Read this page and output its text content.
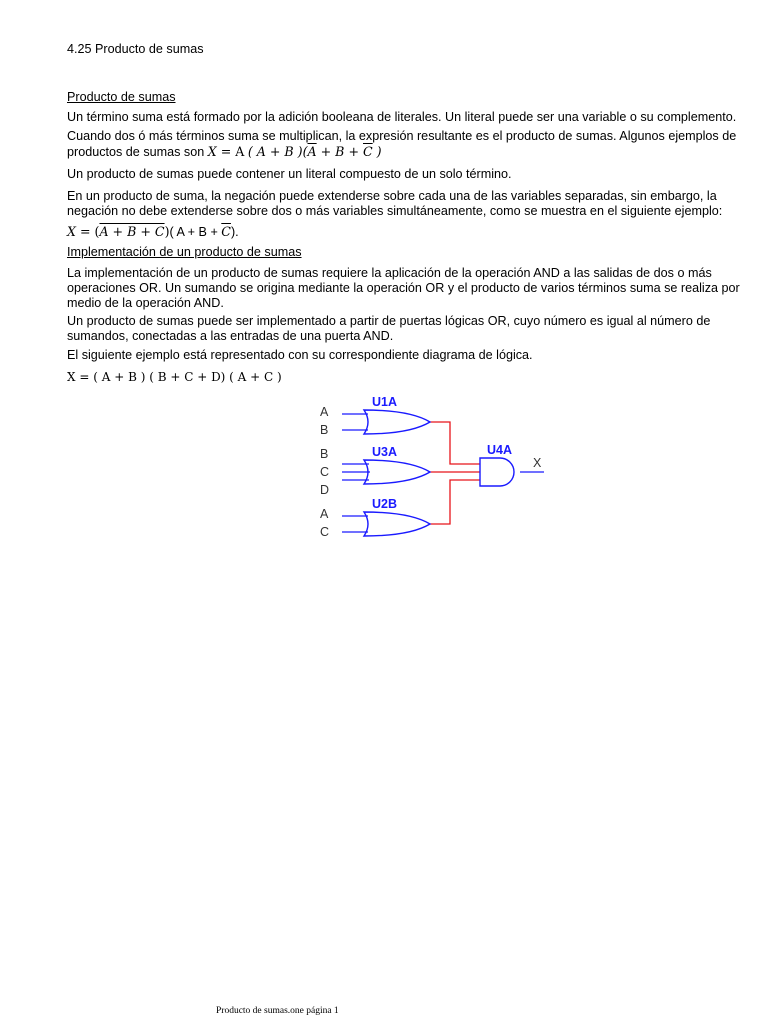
4.25 Producto de sumas
Producto de sumas
Un término suma está formado por la adición booleana de literales. Un literal puede ser una variable o su complemento.
Cuando dos ó más términos suma se multiplican, la expresión resultante es el producto de sumas. Algunos ejemplos de productos de sumas son X = A ( A + B )($\overline{A} + B + \overline{C}$ )
Un producto de sumas puede contener un literal compuesto de un solo término.
En un producto de suma, la negación puede extenderse sobre cada una de las variables separadas, sin embargo, la negación no debe extenderse sobre dos o más variables simultáneamente, como se muestra en el siguiente ejemplo:
X = (A + B + C)( $A + B + \overline{C}$).
Implementación de un producto de sumas
La implementación de un producto de sumas requiere la aplicación de la operación AND a las salidas de dos o más operaciones OR. Un sumando se origina mediante la operación OR y el producto de varios términos suma se realiza por medio de la operación AND.
Un producto de sumas puede ser implementado a partir de puertas lógicas OR, cuyo número es igual al número de sumandos, conectadas a las entradas de una puerta AND.
El siguiente ejemplo está representado con su correspondiente diagrama de lógica.
X = ( A + B ) ( B + C + D) ( A + C )
U1A
U3A
U2B
U4A
A
B
B
C
D
A
C
X
Producto de sumas.one página 1
